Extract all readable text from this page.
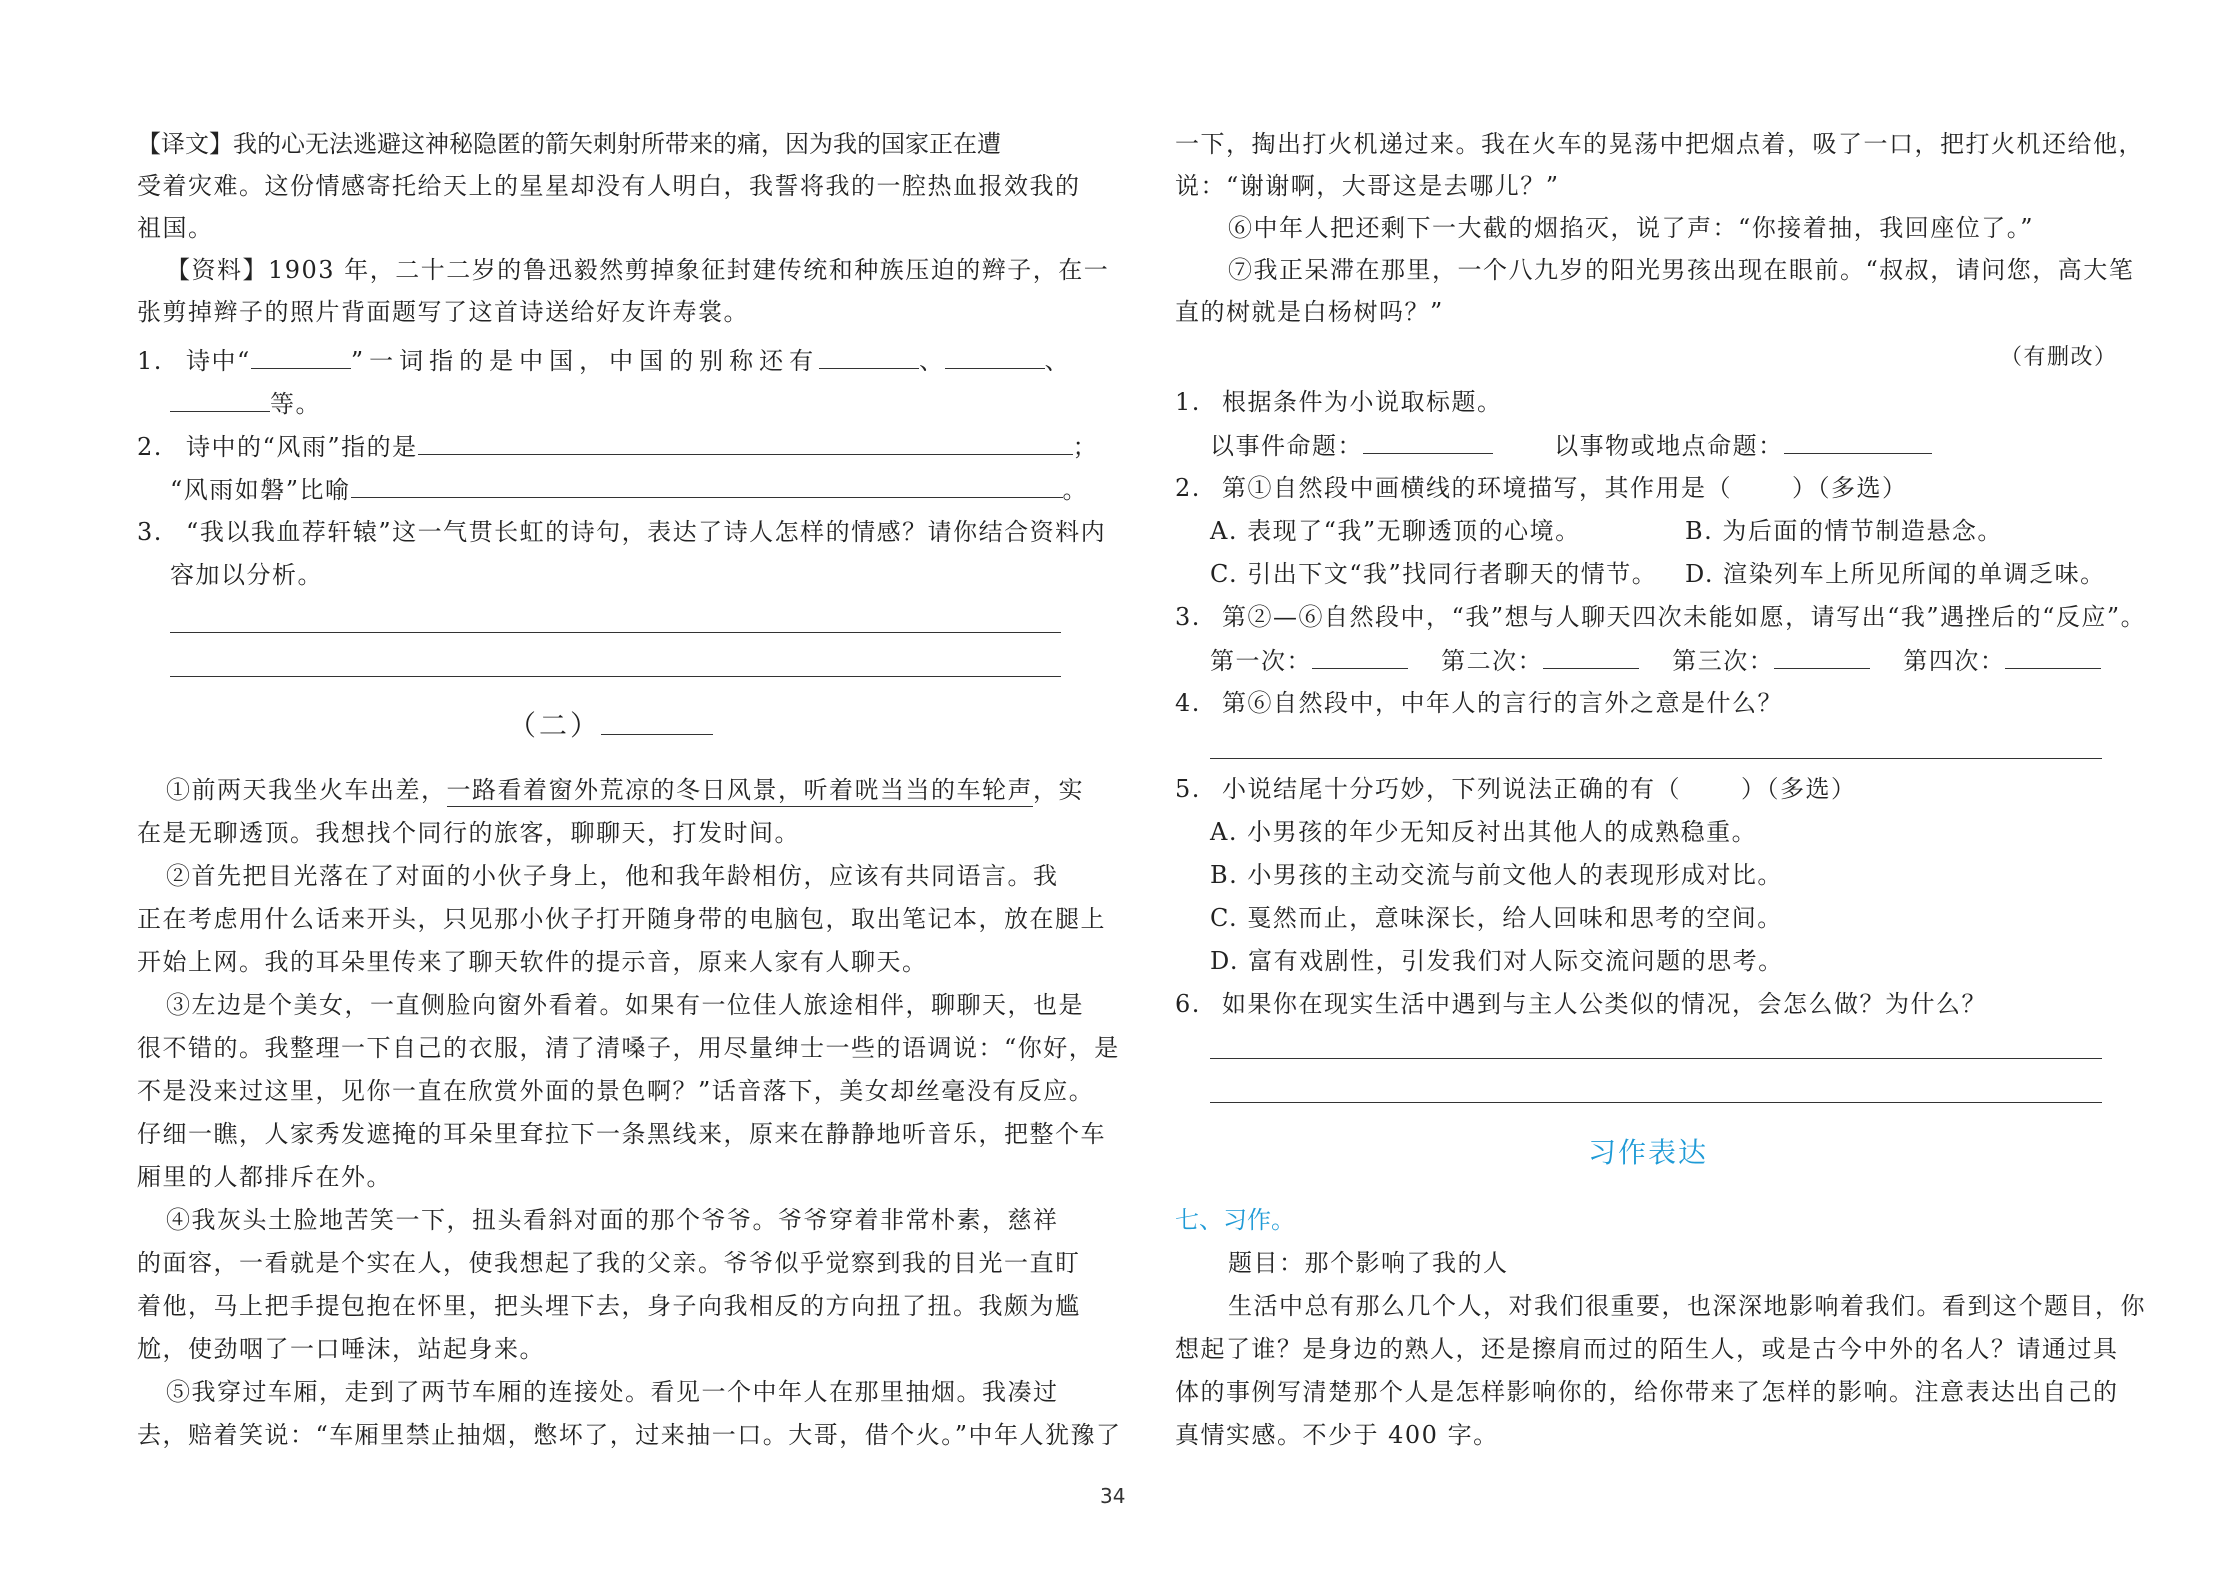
【译文】我的心无法逃避这神秘隐匿的箭矢刺射所带来的痛，因为我的国家正在遭
受着灾难。这份情感寄托给天上的星星却没有人明白，我誓将我的一腔热血报效我的
祖国。
【资料】1903 年，二十二岁的鲁迅毅然剪掉象征封建传统和种族压迫的辫子，在一
张剪掉辫子的照片背面题写了这首诗送给好友许寿裳。
1. 诗中“	”一词指的是中国，中国的别称还有	、	、
等。
2. 诗中的“风雨”指的是	；
“风雨如磐”比喻	。
3. “我以我血荐轩辕”这一气贯长虹的诗句，表达了诗人怎样的情感？请你结合资料内
容加以分析。
（二）
①前两天我坐火车出差，一路看着窗外荒凉的冬日风景，听着咣当当的车轮声，实
在是无聊透顶。我想找个同行的旅客，聊聊天，打发时间。
②首先把目光落在了对面的小伙子身上，他和我年龄相仿，应该有共同语言。我
正在考虑用什么话来开头，只见那小伙子打开随身带的电脑包，取出笔记本，放在腿上
开始上网。我的耳朵里传来了聊天软件的提示音，原来人家有人聊天。
③左边是个美女，一直侧脸向窗外看着。如果有一位佳人旅途相伴，聊聊天，也是
很不错的。我整理一下自己的衣服，清了清嗓子，用尽量绅士一些的语调说：“你好，是
不是没来过这里，见你一直在欣赏外面的景色啊？”话音落下，美女却丝毫没有反应。
仔细一瞧，人家秀发遮掩的耳朵里耷拉下一条黑线来，原来在静静地听音乐，把整个车
厢里的人都排斥在外。
④我灰头土脸地苦笑一下，扭头看斜对面的那个爷爷。爷爷穿着非常朴素，慈祥
的面容，一看就是个实在人，使我想起了我的父亲。爷爷似乎觉察到我的目光一直盯
着他，马上把手提包抱在怀里，把头埋下去，身子向我相反的方向扭了扭。我颇为尴
尬，使劲咽了一口唾沫，站起身来。
⑤我穿过车厢，走到了两节车厢的连接处。看见一个中年人在那里抽烟。我凑过
去，赔着笑说：“车厢里禁止抽烟，憋坏了，过来抽一口。大哥，借个火。”中年人犹豫了
34
一下，掏出打火机递过来。我在火车的晃荡中把烟点着，吸了一口，把打火机还给他，
说：“谢谢啊，大哥这是去哪儿？”
⑥中年人把还剩下一大截的烟掐灭，说了声：“你接着抽，我回座位了。”
⑦我正呆滞在那里，一个八九岁的阳光男孩出现在眼前。“叔叔，请问您，高大笔
直的树就是白杨树吗？”
（有删改）
1. 根据条件为小说取标题。
以事件命题：	以事物或地点命题：
2. 第①自然段中画横线的环境描写，其作用是（	）（多选）
A. 表现了“我”无聊透顶的心境。	B. 为后面的情节制造悬念。
C. 引出下文“我”找同行者聊天的情节。 D. 渲染列车上所见所闻的单调乏味。
3. 第②—⑥自然段中，“我”想与人聊天四次未能如愿，请写出“我”遇挫后的“反应”。
第一次：	第二次：	第三次：	第四次：
4. 第⑥自然段中，中年人的言行的言外之意是什么？
5. 小说结尾十分巧妙，下列说法正确的有（	）（多选）
A. 小男孩的年少无知反衬出其他人的成熟稳重。
B. 小男孩的主动交流与前文他人的表现形成对比。
C. 戛然而止，意味深长，给人回味和思考的空间。
D. 富有戏剧性，引发我们对人际交流问题的思考。
6. 如果你在现实生活中遇到与主人公类似的情况，会怎么做？为什么？
习作表达
七、习作。
题目：那个影响了我的人
生活中总有那么几个人，对我们很重要，也深深地影响着我们。看到这个题目，你
想起了谁？是身边的熟人，还是擦肩而过的陌生人，或是古今中外的名人？请通过具
体的事例写清楚那个人是怎样影响你的，给你带来了怎样的影响。注意表达出自己的
真情实感。不少于 400 字。
